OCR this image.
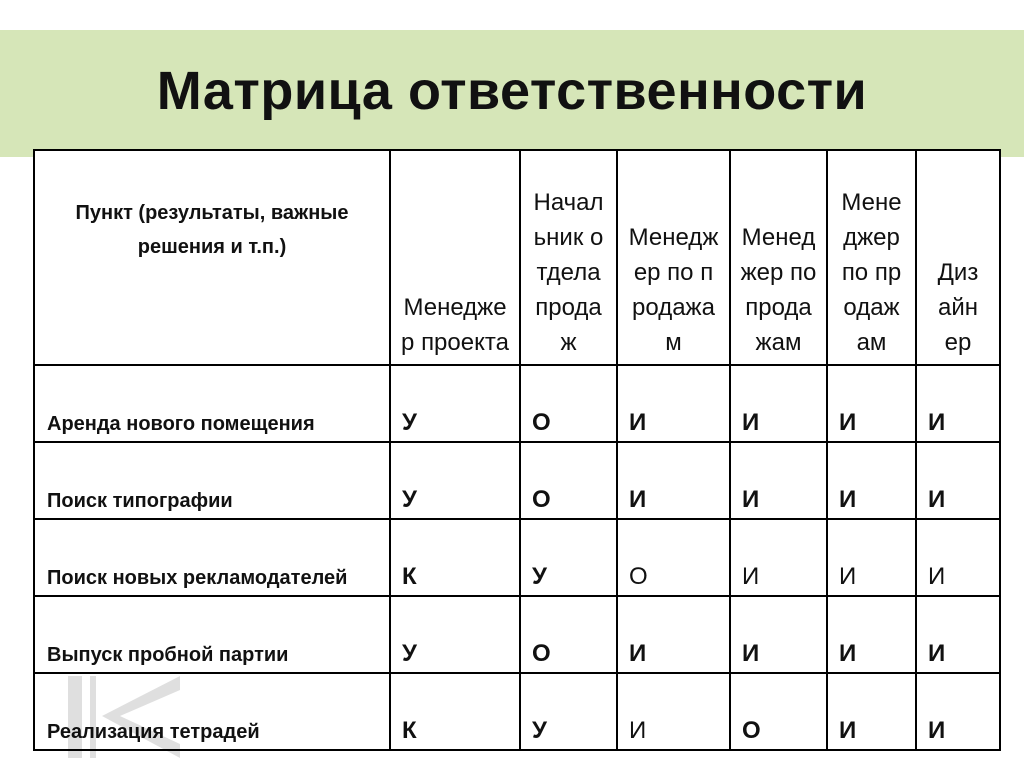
Матрица ответственности
Пункт (результаты, важные решения и т.п.)	Менеджер проекта	Начальник отдела продаж	Менеджер по продажам	Менеджер по продажам	Менеджер по продажам	Дизайнер

Аренда нового помещения	У	О	И	И	И	И
Поиск типографии	У	О	И	И	И	И
Поиск новых рекламодателей	К	У	О	И	И	И
Выпуск пробной партии	У	О	И	И	И	И
Реализация тетрадей	К	У	И	О	И	И
